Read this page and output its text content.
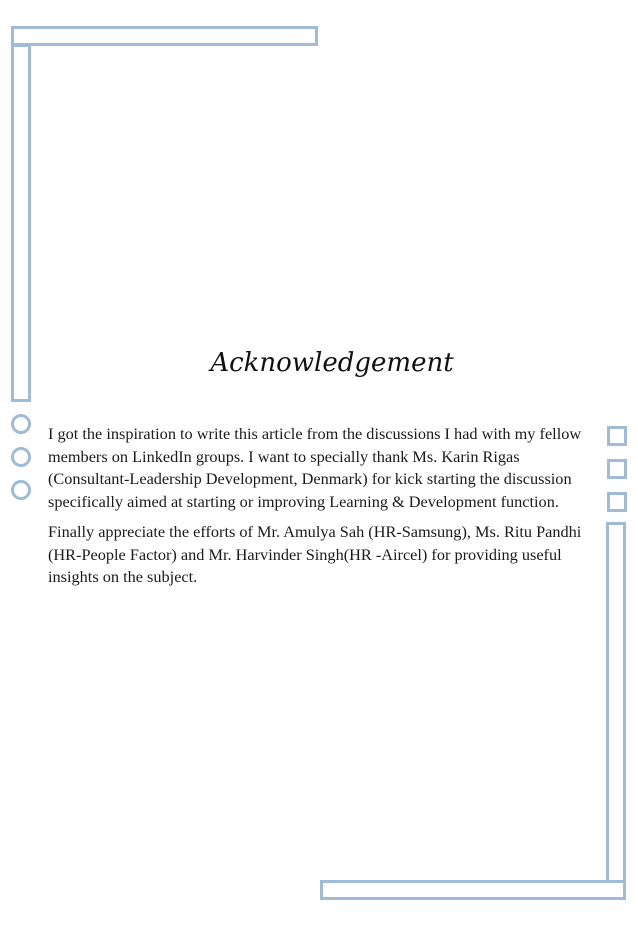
Acknowledgement

I got the inspiration to write this article from the discussions I had with my fellow members on LinkedIn groups. I want to specially thank Ms. Karin Rigas (Consultant-Leadership Development, Denmark) for kick starting the discussion specifically aimed at starting or improving Learning & Development function.

Finally appreciate the efforts of Mr. Amulya Sah (HR-Samsung), Ms. Ritu Pandhi (HR-People Factor) and Mr. Harvinder Singh(HR -Aircel) for providing useful insights on the subject.
